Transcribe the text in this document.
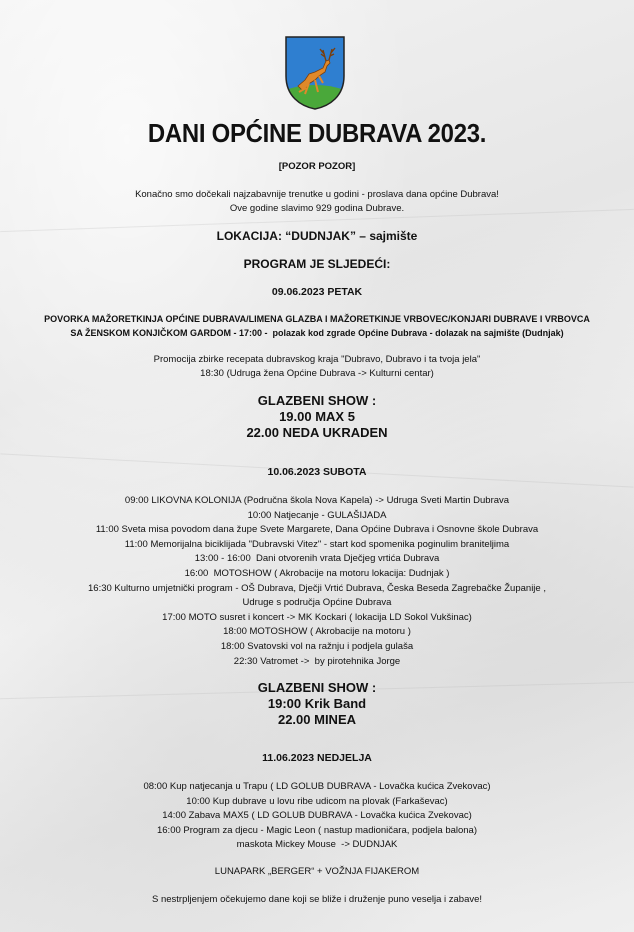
DANI OPĆINE DUBRAVA 2023.
[POZOR POZOR]
Konačno smo dočekali najzabavnije trenutke u godini - proslava dana općine Dubrava!
Ove godine slavimo 929 godina Dubrave.
LOKACIJA: “DUDNJAK” – sajmište
PROGRAM JE SLJEDEĆI:
09.06.2023 PETAK
POVORKA MAŽORETKINJA OPĆINE DUBRAVA/LIMENA GLAZBA I MAŽORETKINJE VRBOVEC/KONJARI DUBRAVE I VRBOVCA
SA ŽENSKOM KONJIČKOM GARDOM - 17:00 -  polazak kod zgrade Općine Dubrava - dolazak na sajmište (Dudnjak)
Promocija zbirke recepata dubravskog kraja "Dubravo, Dubravo i ta tvoja jela"
18:30 (Udruga žena Općine Dubrava -> Kulturni centar)
GLAZBENI SHOW :
19.00 MAX 5
22.00 NEDA UKRADEN
10.06.2023 SUBOTA
09:00 LIKOVNA KOLONIJA (Područna škola Nova Kapela) -> Udruga Sveti Martin Dubrava
10:00 Natjecanje - GULAŠIJADA
11:00 Sveta misa povodom dana župe Svete Margarete, Dana Općine Dubrava i Osnovne škole Dubrava
11:00 Memorijalna biciklijada "Dubravski Vitez" - start kod spomenika poginulim braniteljima
13:00 - 16:00  Dani otvorenih vrata Dječjeg vrtića Dubrava
16:00  MOTOSHOW ( Akrobacije na motoru lokacija: Dudnjak )
16:30 Kulturno umjetnički program - OŠ Dubrava, Dječji Vrtić Dubrava, Česka Beseda Zagrebačke Županije ,
Udruge s područja Općine Dubrava
17:00 MOTO susret i koncert -> MK Kockari ( lokacija LD Sokol Vukšinac)
18:00 MOTOSHOW ( Akrobacije na motoru )
18:00 Svatovski vol na ražnju i podjela gulaša
22:30 Vatromet ->  by pirotehnika Jorge
GLAZBENI SHOW :
19:00 Krik Band
22.00 MINEA
11.06.2023 NEDJELJA
08:00 Kup natjecanja u Trapu ( LD GOLUB DUBRAVA - Lovačka kućica Zvekovac)
10:00 Kup dubrave u lovu ribe udicom na plovak (Farkaševac)
14:00 Zabava MAX5 ( LD GOLUB DUBRAVA - Lovačka kućica Zvekovac)
16:00 Program za djecu - Magic Leon ( nastup madioničara, podjela balona)
maskota Mickey Mouse  -> DUDNJAK
LUNAPARK „BERGER“ + VOŽNJA FIJAKEROM
S nestrpljenjem očekujemo dane koji se bliže i druženje puno veselja i zabave!
